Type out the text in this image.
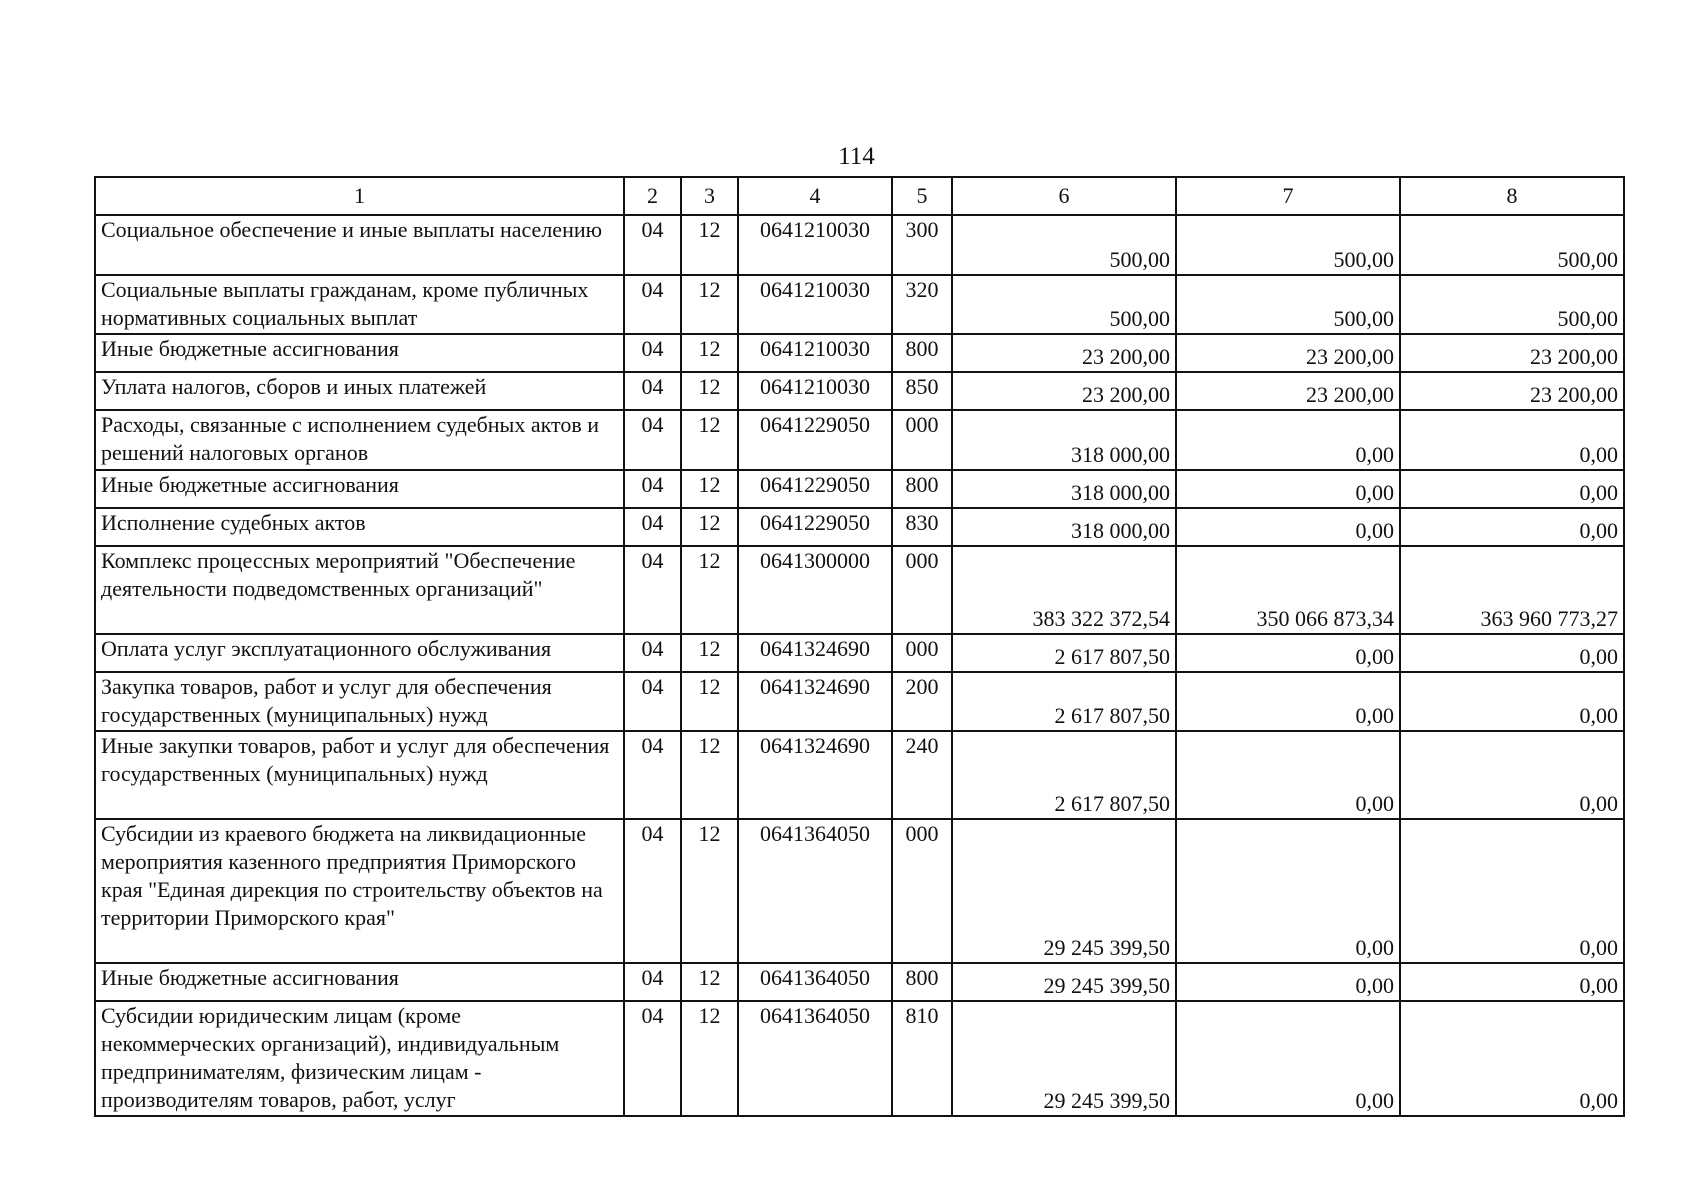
114
1	2	3	4	5	6	7	8
Социальное обеспечение и иные выплаты населению	04	12	0641210030	300	500,00	500,00	500,00
Социальные выплаты гражданам, кроме публичных нормативных социальных выплат	04	12	0641210030	320	500,00	500,00	500,00
Иные бюджетные ассигнования	04	12	0641210030	800	23 200,00	23 200,00	23 200,00
Уплата налогов, сборов и иных платежей	04	12	0641210030	850	23 200,00	23 200,00	23 200,00
Расходы, связанные с исполнением судебных актов и решений налоговых органов	04	12	0641229050	000	318 000,00	0,00	0,00
Иные бюджетные ассигнования	04	12	0641229050	800	318 000,00	0,00	0,00
Исполнение судебных актов	04	12	0641229050	830	318 000,00	0,00	0,00
Комплекс процессных мероприятий "Обеспечение деятельности подведомственных организаций"	04	12	0641300000	000	383 322 372,54	350 066 873,34	363 960 773,27
Оплата услуг эксплуатационного обслуживания	04	12	0641324690	000	2 617 807,50	0,00	0,00
Закупка товаров, работ и услуг для обеспечения государственных (муниципальных) нужд	04	12	0641324690	200	2 617 807,50	0,00	0,00
Иные закупки товаров, работ и услуг для обеспечения государственных (муниципальных) нужд	04	12	0641324690	240	2 617 807,50	0,00	0,00
Субсидии из краевого бюджета на ликвидационные мероприятия казенного предприятия Приморского края "Единая дирекция по строительству объектов на территории Приморского края"	04	12	0641364050	000	29 245 399,50	0,00	0,00
Иные бюджетные ассигнования	04	12	0641364050	800	29 245 399,50	0,00	0,00
Субсидии юридическим лицам (кроме некоммерческих организаций), индивидуальным предпринимателям, физическим лицам - производителям товаров, работ, услуг	04	12	0641364050	810	29 245 399,50	0,00	0,00
